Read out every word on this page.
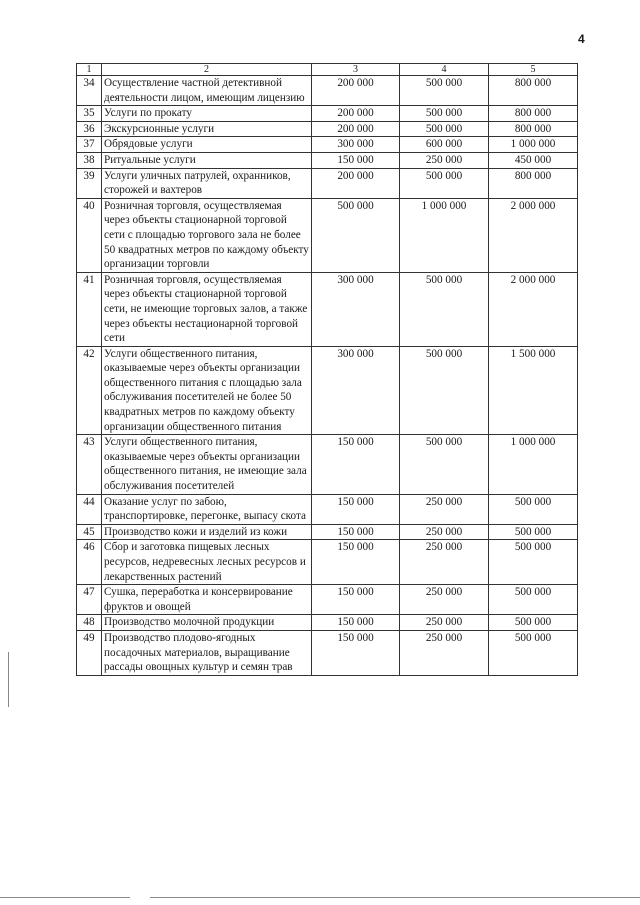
4
1	2	3	4	5
34	Осуществление частной детективной деятельности лицом, имеющим лицензию	200 000	500 000	800 000
35	Услуги по прокату	200 000	500 000	800 000
36	Экскурсионные услуги	200 000	500 000	800 000
37	Обрядовые услуги	300 000	600 000	1 000 000
38	Ритуальные услуги	150 000	250 000	450 000
39	Услуги уличных патрулей, охранников, сторожей и вахтеров	200 000	500 000	800 000
40	Розничная торговля, осуществляемая через объекты стационарной торговой сети с площадью торгового зала не более 50 квадратных метров по каждому объекту организации торговли	500 000	1 000 000	2 000 000
41	Розничная торговля, осуществляемая через объекты стационарной торговой сети, не имеющие торговых залов, а также через объекты нестационарной торговой сети	300 000	500 000	2 000 000
42	Услуги общественного питания, оказываемые через объекты организации общественного питания с площадью зала обслуживания посетителей не более 50 квадратных метров по каждому объекту организации общественного питания	300 000	500 000	1 500 000
43	Услуги общественного питания, оказываемые через объекты организации общественного питания, не имеющие зала обслуживания посетителей	150 000	500 000	1 000 000
44	Оказание услуг по забою, транспортировке, перегонке, выпасу скота	150 000	250 000	500 000
45	Производство кожи и изделий из кожи	150 000	250 000	500 000
46	Сбор и заготовка пищевых лесных ресурсов, недревесных лесных ресурсов и лекарственных растений	150 000	250 000	500 000
47	Сушка, переработка и консервирование фруктов и овощей	150 000	250 000	500 000
48	Производство молочной продукции	150 000	250 000	500 000
49	Производство плодово-ягодных посадочных материалов, выращивание рассады овощных культур и семян трав	150 000	250 000	500 000
